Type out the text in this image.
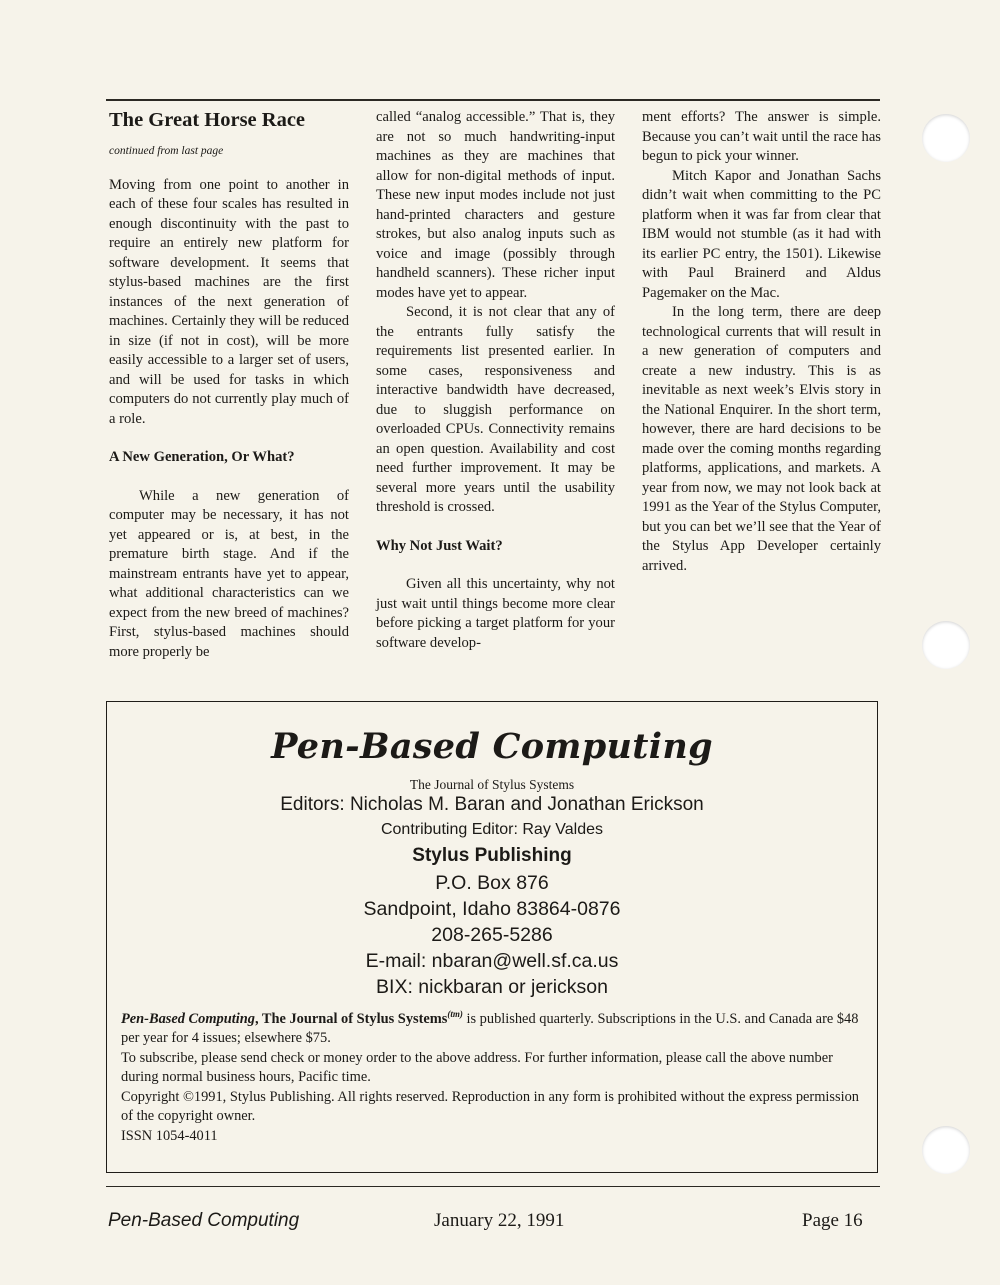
The Great Horse Race
continued from last page

Moving from one point to another in each of these four scales has resulted in enough discontinuity with the past to require an entirely new platform for software development. It seems that stylus-based machines are the first instances of the next generation of machines. Certainly they will be reduced in size (if not in cost), will be more easily accessible to a larger set of users, and will be used for tasks in which computers do not currently play much of a role.

A New Generation, Or What?

While a new generation of computer may be necessary, it has not yet appeared or is, at best, in the premature birth stage. And if the mainstream entrants have yet to appear, what additional characteristics can we expect from the new breed of machines? First, stylus-based machines should more properly be

called “analog accessible.” That is, they are not so much handwriting-input machines as they are machines that allow for non-digital methods of input. These new input modes include not just hand-printed characters and gesture strokes, but also analog inputs such as voice and image (possibly through handheld scanners). These richer input modes have yet to appear.

Second, it is not clear that any of the entrants fully satisfy the requirements list presented earlier. In some cases, responsiveness and interactive bandwidth have decreased, due to sluggish performance on overloaded CPUs. Connectivity remains an open question. Availability and cost need further improvement. It may be several more years until the usability threshold is crossed.

Why Not Just Wait?

Given all this uncertainty, why not just wait until things become more clear before picking a target platform for your software develop-

ment efforts? The answer is simple. Because you can’t wait until the race has begun to pick your winner.

Mitch Kapor and Jonathan Sachs didn’t wait when committing to the PC platform when it was far from clear that IBM would not stumble (as it had with its earlier PC entry, the 1501). Likewise with Paul Brainerd and Aldus Pagemaker on the Mac.

In the long term, there are deep technological currents that will result in a new generation of computers and create a new industry. This is as inevitable as next week’s Elvis story in the National Enquirer. In the short term, however, there are hard decisions to be made over the coming months regarding platforms, applications, and markets. A year from now, we may not look back at 1991 as the Year of the Stylus Computer, but you can bet we’ll see that the Year of the Stylus App Developer certainly arrived.

Pen-Based Computing
The Journal of Stylus Systems
Editors: Nicholas M. Baran and Jonathan Erickson
Contributing Editor: Ray Valdes
Stylus Publishing
P.O. Box 876
Sandpoint, Idaho 83864-0876
208-265-5286
E-mail: nbaran@well.sf.ca.us
BIX: nickbaran or jerickson

Pen-Based Computing, The Journal of Stylus Systems$^{(tm)}$ is published quarterly. Subscriptions in the U.S. and Canada are $48 per year for 4 issues; elsewhere $75.

To subscribe, please send check or money order to the above address. For further information, please call the above number during normal business hours, Pacific time.

Copyright ©1991, Stylus Publishing. All rights reserved. Reproduction in any form is prohibited without the express permission of the copyright owner.

ISSN 1054-4011

Pen-Based Computing	January 22, 1991	Page 16
